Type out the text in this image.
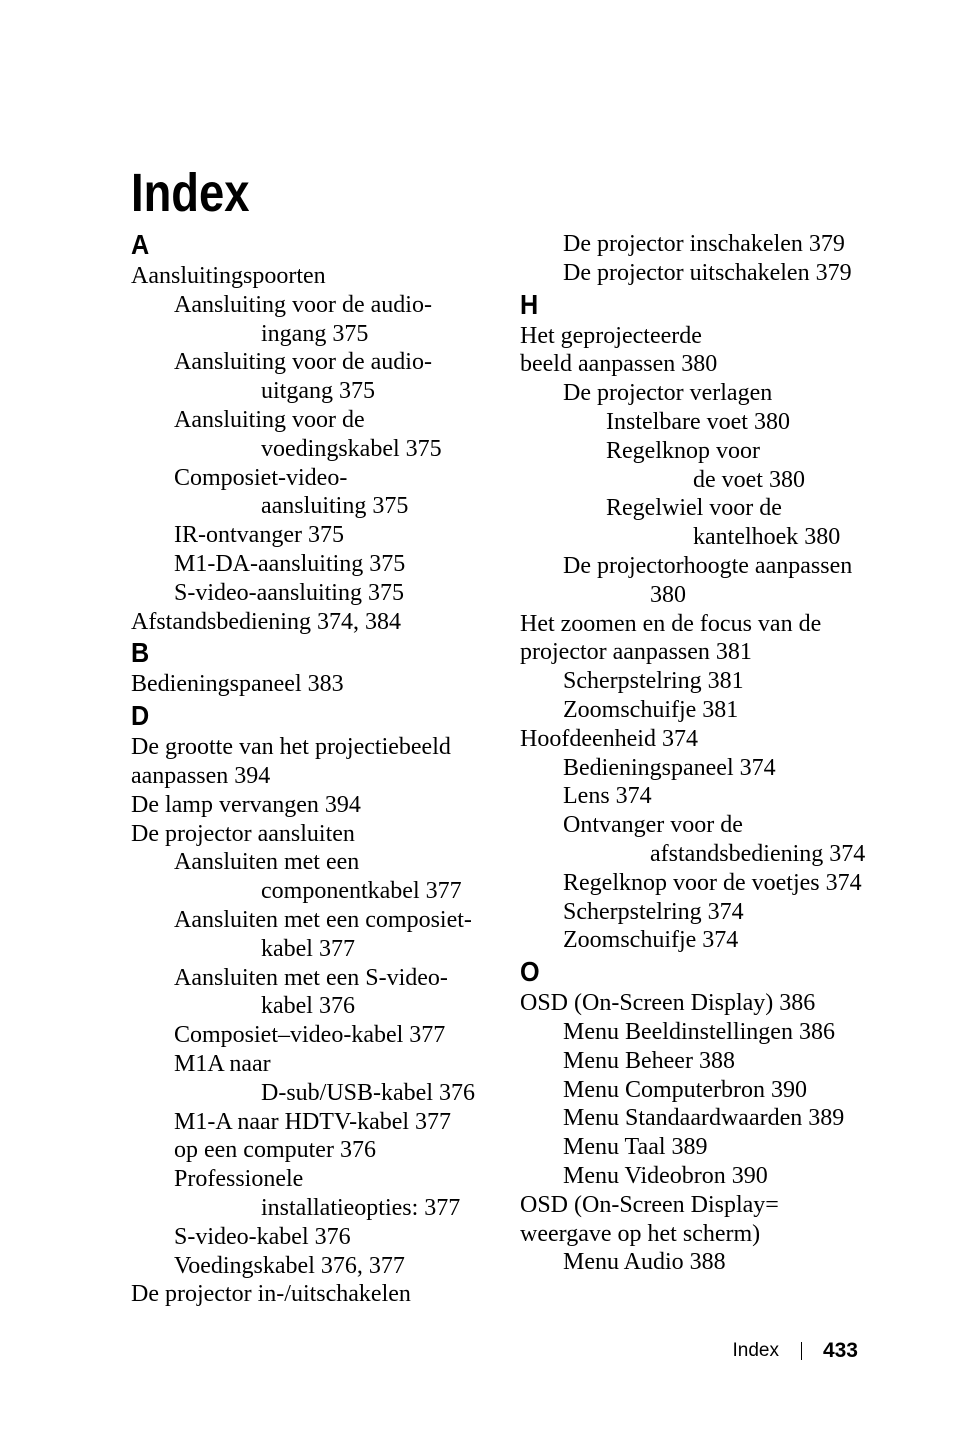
Index
A
Aansluitingspoorten
Aansluiting voor de audio-
ingang 375
Aansluiting voor de audio-
uitgang 375
Aansluiting voor de
voedingskabel 375
Composiet-video-
aansluiting 375
IR-ontvanger 375
M1-DA-aansluiting 375
S-video-aansluiting 375
Afstandsbediening 374, 384
B
Bedieningspaneel 383
D
De grootte van het projectiebeeld
aanpassen 394
De lamp vervangen 394
De projector aansluiten
Aansluiten met een
componentkabel 377
Aansluiten met een composiet-
kabel 377
Aansluiten met een S-video-
kabel 376
Composiet–video-kabel 377
M1A naar
D-sub/USB-kabel 376
M1-A naar HDTV-kabel 377
op een computer 376
Professionele
installatieopties: 377
S-video-kabel 376
Voedingskabel 376, 377
De projector in-/uitschakelen
De projector inschakelen 379
De projector uitschakelen 379
H
Het geprojecteerde
beeld aanpassen 380
De projector verlagen
Instelbare voet 380
Regelknop voor
de voet 380
Regelwiel voor de
kantelhoek 380
De projectorhoogte aanpassen
380
Het zoomen en de focus van de
projector aanpassen 381
Scherpstelring 381
Zoomschuifje 381
Hoofdeenheid 374
Bedieningspaneel 374
Lens 374
Ontvanger voor de
afstandsbediening 374
Regelknop voor de voetjes 374
Scherpstelring 374
Zoomschuifje 374
O
OSD (On-Screen Display) 386
Menu Beeldinstellingen 386
Menu Beheer 388
Menu Computerbron 390
Menu Standaardwaarden 389
Menu Taal 389
Menu Videobron 390
OSD (On-Screen Display=
weergave op het scherm)
Menu Audio 388
Index 433
